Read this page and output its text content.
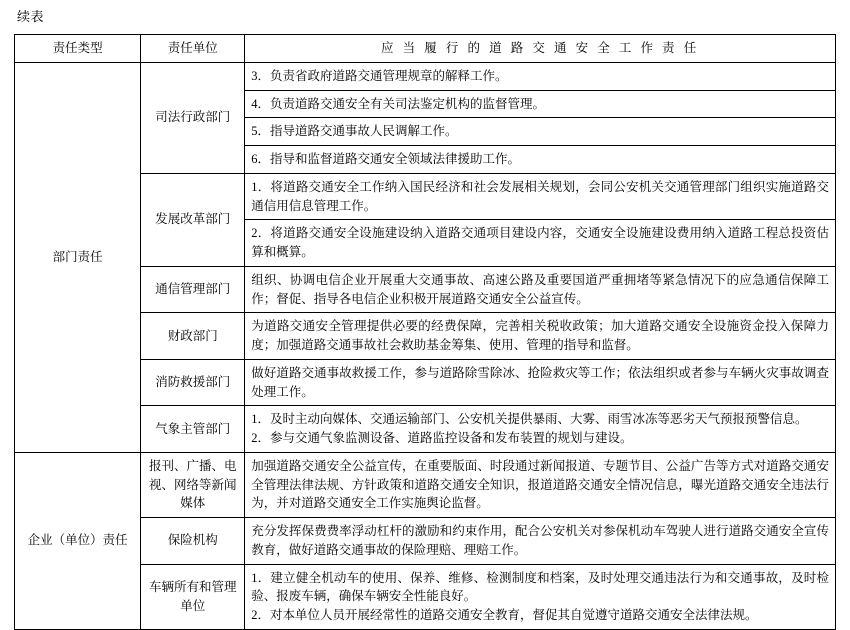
续表
责任类型	责任单位	应 当 履 行 的 道 路 交 通 安 全 工 作 责 任
部门责任	司法行政部门	3．负责省政府道路交通管理规章的解释工作。
		4．负责道路交通安全有关司法鉴定机构的监督管理。
		5．指导道路交通事故人民调解工作。
		6．指导和监督道路交通安全领域法律援助工作。
	发展改革部门	1．将道路交通安全工作纳入国民经济和社会发展相关规划，会同公安机关交通管理部门组织实施道路交通信用信息管理工作。
		2．将道路交通安全设施建设纳入道路交通项目建设内容，交通安全设施建设费用纳入道路工程总投资估算和概算。
	通信管理部门	组织、协调电信企业开展重大交通事故、高速公路及重要国道严重拥堵等紧急情况下的应急通信保障工作；督促、指导各电信企业积极开展道路交通安全公益宣传。
	财政部门	为道路交通安全管理提供必要的经费保障，完善相关税收政策；加大道路交通安全设施资金投入保障力度；加强道路交通事故社会救助基金筹集、使用、管理的指导和监督。
	消防救援部门	做好道路交通事故救援工作，参与道路除雪除冰、抢险救灾等工作；依法组织或者参与车辆火灾事故调查处理工作。
	气象主管部门	1．及时主动向媒体、交通运输部门、公安机关提供暴雨、大雾、雨雪冰冻等恶劣天气预报预警信息。
2．参与交通气象监测设备、道路监控设备和发布装置的规划与建设。

企业（单位）责任	报刊、广播、电视、网络等新闻媒体	加强道路交通安全公益宣传，在重要版面、时段通过新闻报道、专题节目、公益广告等方式对道路交通安全管理法律法规、方针政策和道路交通安全知识，报道道路交通安全情况信息，曝光道路交通安全违法行为，并对道路交通安全工作实施舆论监督。
	保险机构	充分发挥保费费率浮动杠杆的激励和约束作用，配合公安机关对参保机动车驾驶人进行道路交通安全宣传教育，做好道路交通事故的保险理赔、理赔工作。
	车辆所有和管理单位	1．建立健全机动车的使用、保养、维修、检测制度和档案，及时处理交通违法行为和交通事故，及时检验、报废车辆，确保车辆安全性能良好。
2．对本单位人员开展经常性的道路交通安全教育，督促其自觉遵守道路交通安全法律法规。
